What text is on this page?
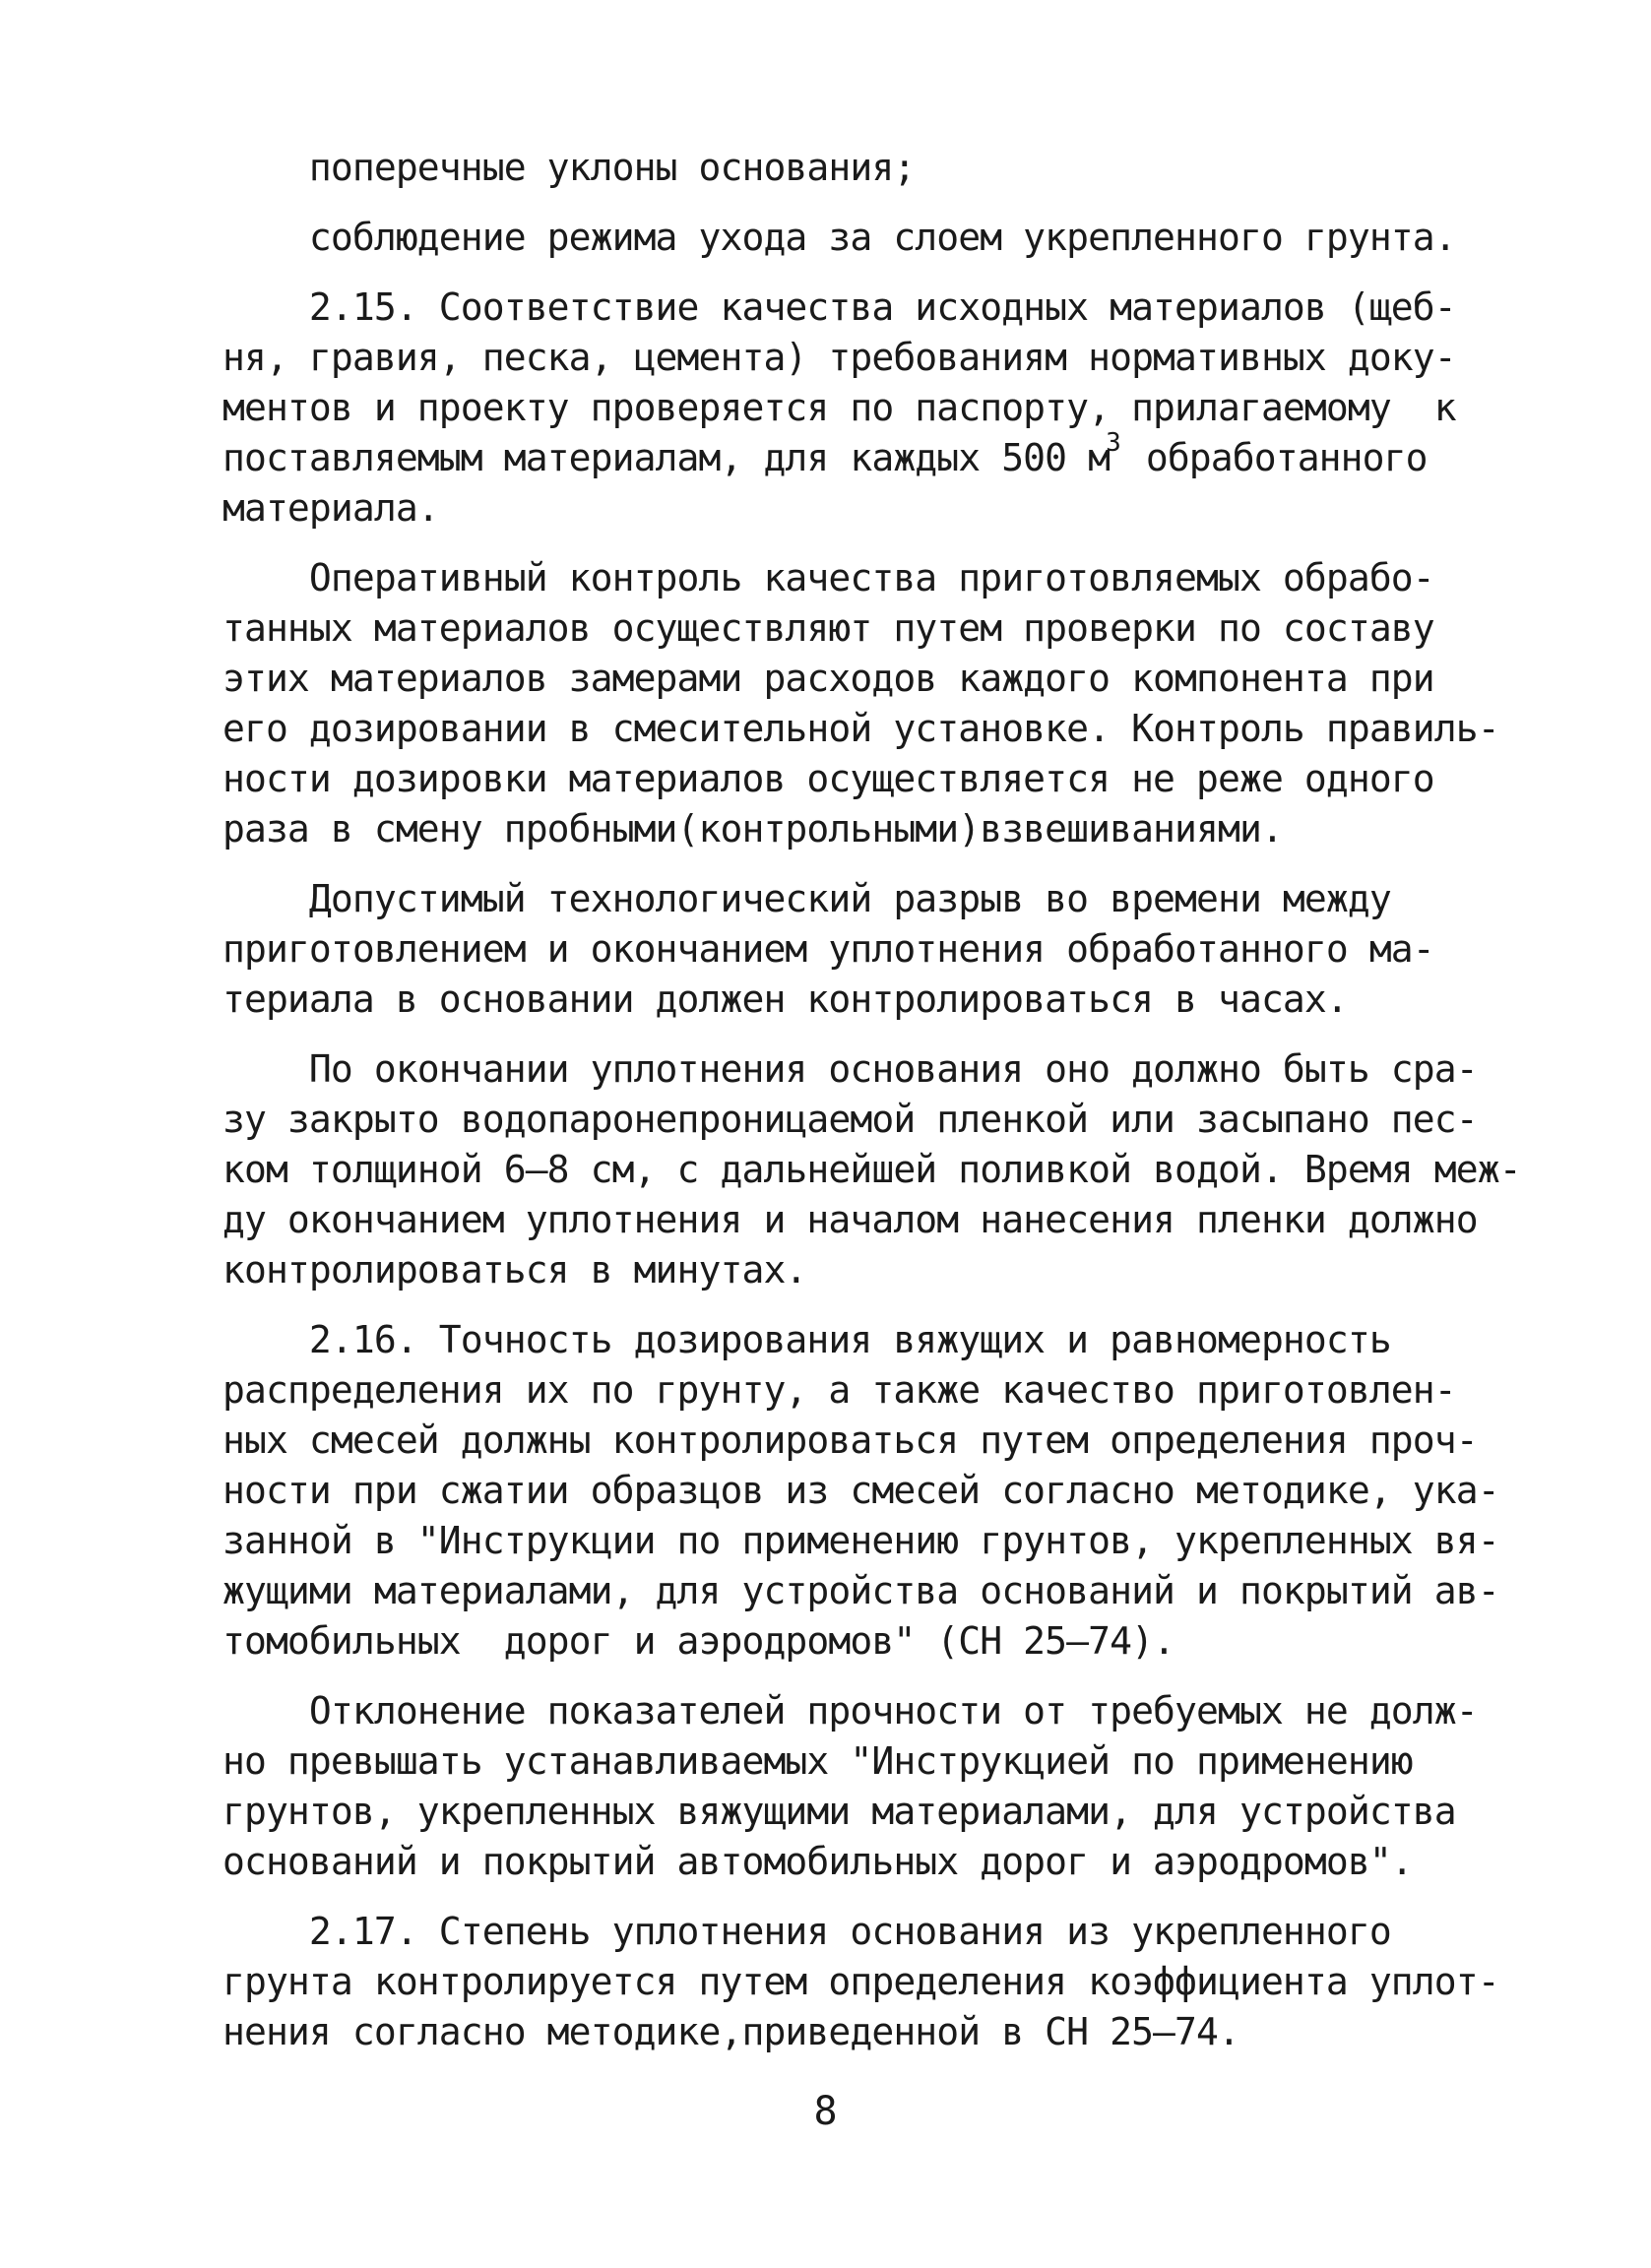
поперечные уклоны основания;
соблюдение режима ухода за слоем укрепленного грунта.
2.15. Соответствие качества исходных материалов (щеб-
ня, гравия, песка, цемента) требованиям нормативных доку-
ментов и проекту проверяется по паспорту, прилагаемому  к
поставляемым материалам, для каждых 500 $м^3$ обработанного
материала.
Оперативный контроль качества приготовляемых обрабо-
танных материалов осуществляют путем проверки по составу
этих материалов замерами расходов каждого компонента при
его дозировании в смесительной установке. Контроль правиль-
ности дозировки материалов осуществляется не реже одного
раза в смену пробными(контрольными)взвешиваниями.
Допустимый технологический разрыв во времени между
приготовлением и окончанием уплотнения обработанного ма-
териала в основании должен контролироваться в часах.
По окончании уплотнения основания оно должно быть сра-
зу закрыто водопаронепроницаемой пленкой или засыпано пес-
ком толщиной 6–8 см, с дальнейшей поливкой водой. Время меж-
ду окончанием уплотнения и началом нанесения пленки должно
контролироваться в минутах.
2.16. Точность дозирования вяжущих и равномерность
распределения их по грунту, а также качество приготовлен-
ных смесей должны контролироваться путем определения проч-
ности при сжатии образцов из смесей согласно методике, ука-
занной в "Инструкции по применению грунтов, укрепленных вя-
жущими материалами, для устройства оснований и покрытий ав-
томобильных  дорог и аэродромов" (СН 25–74).
Отклонение показателей прочности от требуемых не долж-
но превышать устанавливаемых "Инструкцией по применению
грунтов, укрепленных вяжущими материалами, для устройства
оснований и покрытий автомобильных дорог и аэродромов".
2.17. Степень уплотнения основания из укрепленного
грунта контролируется путем определения коэффициента уплот-
нения согласно методике,приведенной в СН 25–74.
8
